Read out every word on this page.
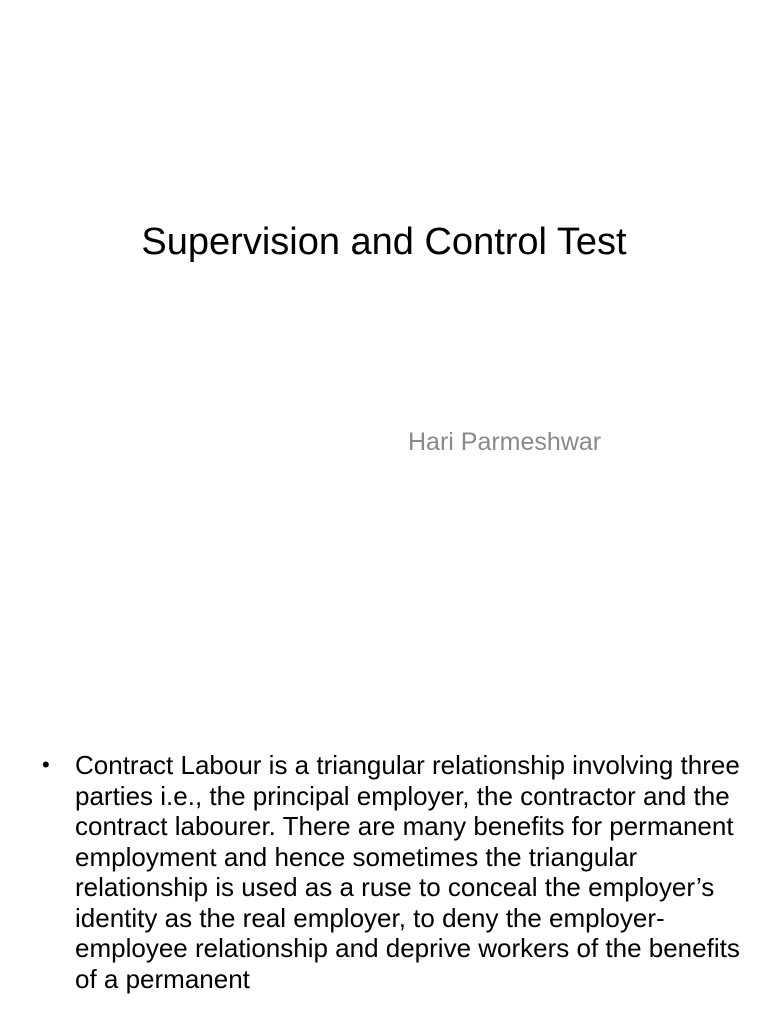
Supervision and Control Test
Hari Parmeshwar
• Contract Labour is a triangular relationship involving three parties i.e., the principal employer, the contractor and the contract labourer. There are many benefits for permanent employment and hence sometimes the triangular relationship is used as a ruse to conceal the employer’s identity as the real employer, to deny the employer-employee relationship and deprive workers of the benefits of a permanent
